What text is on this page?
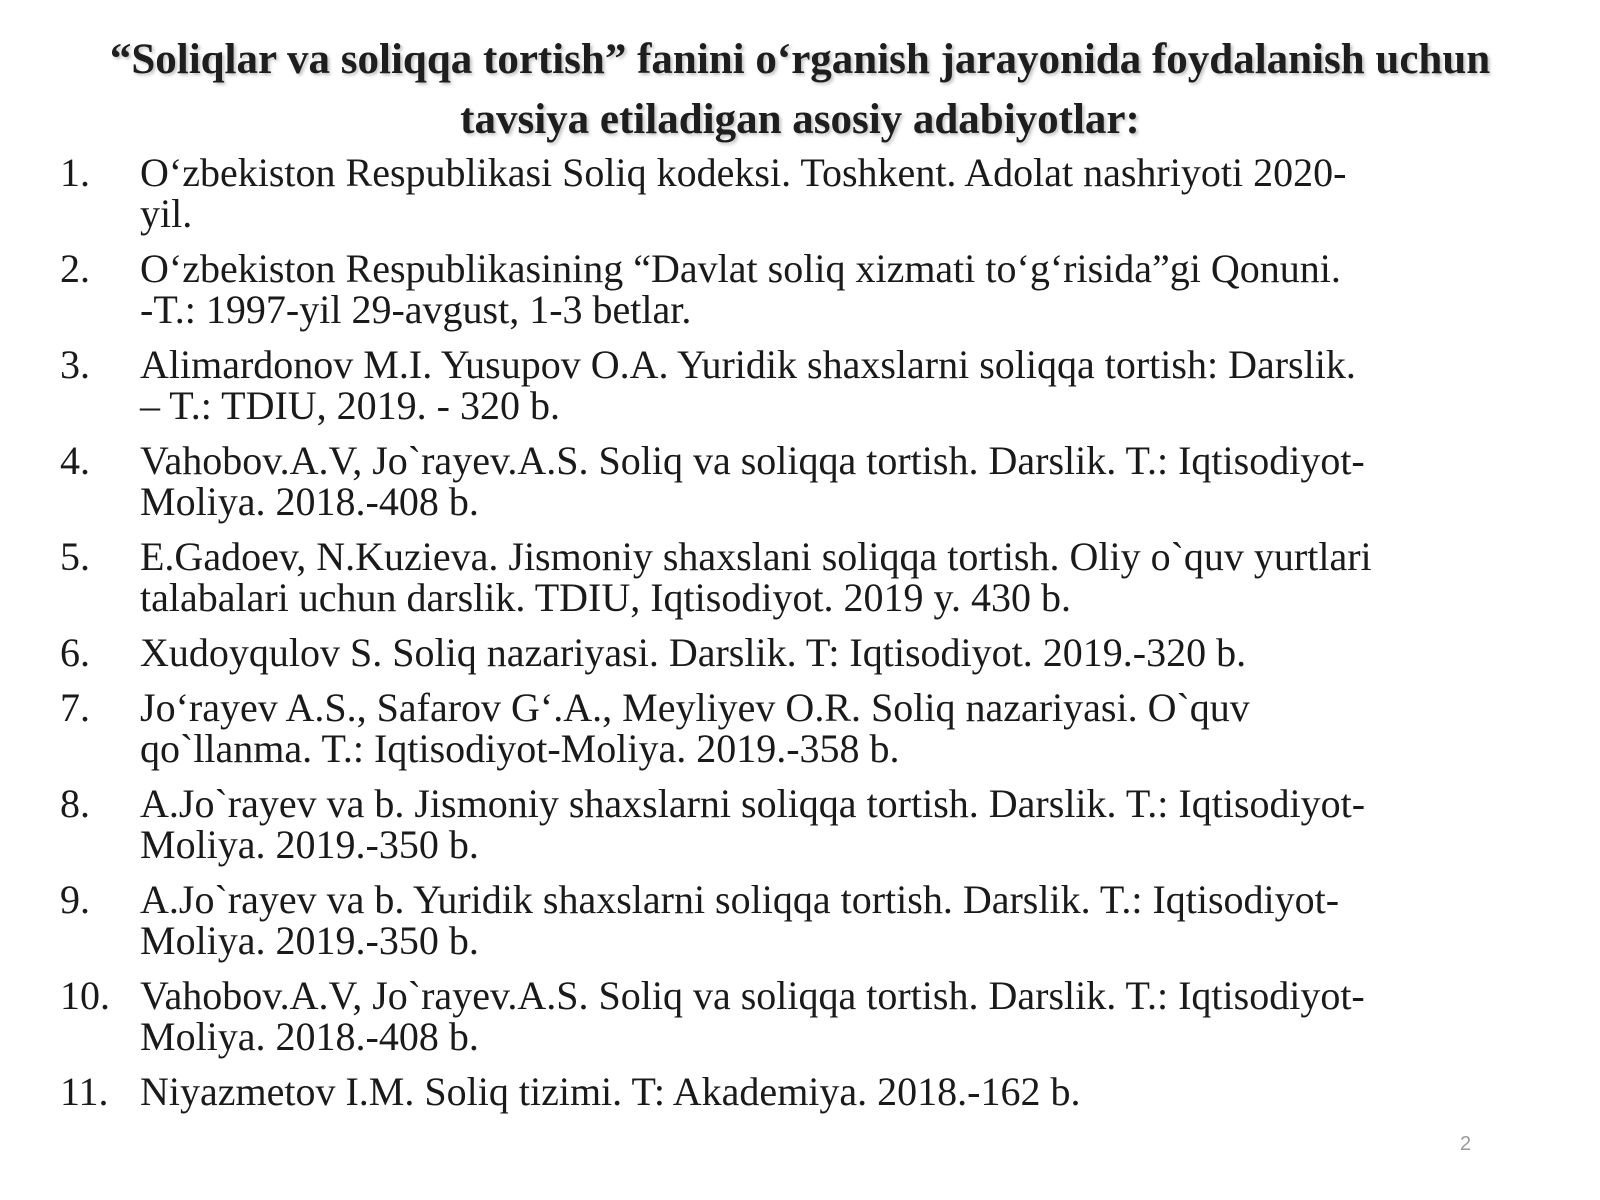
“Soliqlar va soliqqa tortish” fanini o‘rganish jarayonida foydalanish uchun
tavsiya etiladigan asosiy adabiyotlar:
1.	O‘zbekiston Respublikasi Soliq kodeksi. Toshkent. Adolat nashriyoti 2020-
yil.
2.	O‘zbekiston Respublikasining “Davlat soliq xizmati to‘g‘risida”gi Qonuni.
-T.: 1997-yil 29-avgust, 1-3 betlar.
3.	Alimardonov M.I. Yusupov O.A. Yuridik shaxslarni soliqqa tortish: Darslik.
– T.: TDIU, 2019. - 320 b.
4.	Vahobov.A.V, Jo`rayev.A.S. Soliq va soliqqa tortish. Darslik. T.: Iqtisodiyot-
Moliya. 2018.-408 b.
5.	E.Gadoev, N.Kuzieva. Jismoniy shaxslani soliqqa tortish. Oliy o`quv yurtlari
talabalari uchun darslik. TDIU, Iqtisodiyot. 2019 y. 430 b.
6.	Xudoyqulov S. Soliq nazariyasi. Darslik. T: Iqtisodiyot. 2019.-320 b.
7.	Jo‘rayev A.S., Safarov G‘.A., Meyliyev O.R. Soliq nazariyasi. O`quv
qo`llanma. T.: Iqtisodiyot-Moliya. 2019.-358 b.
8.	A.Jo`rayev va b. Jismoniy shaxslarni soliqqa tortish. Darslik. T.: Iqtisodiyot-
Moliya. 2019.-350 b.
9.	A.Jo`rayev va b. Yuridik shaxslarni soliqqa tortish. Darslik. T.: Iqtisodiyot-
Moliya. 2019.-350 b.
10. Vahobov.A.V, Jo`rayev.A.S. Soliq va soliqqa tortish. Darslik. T.: Iqtisodiyot-
Moliya. 2018.-408 b.
11. Niyazmetov I.M. Soliq tizimi. T: Akademiya. 2018.-162 b.
2
